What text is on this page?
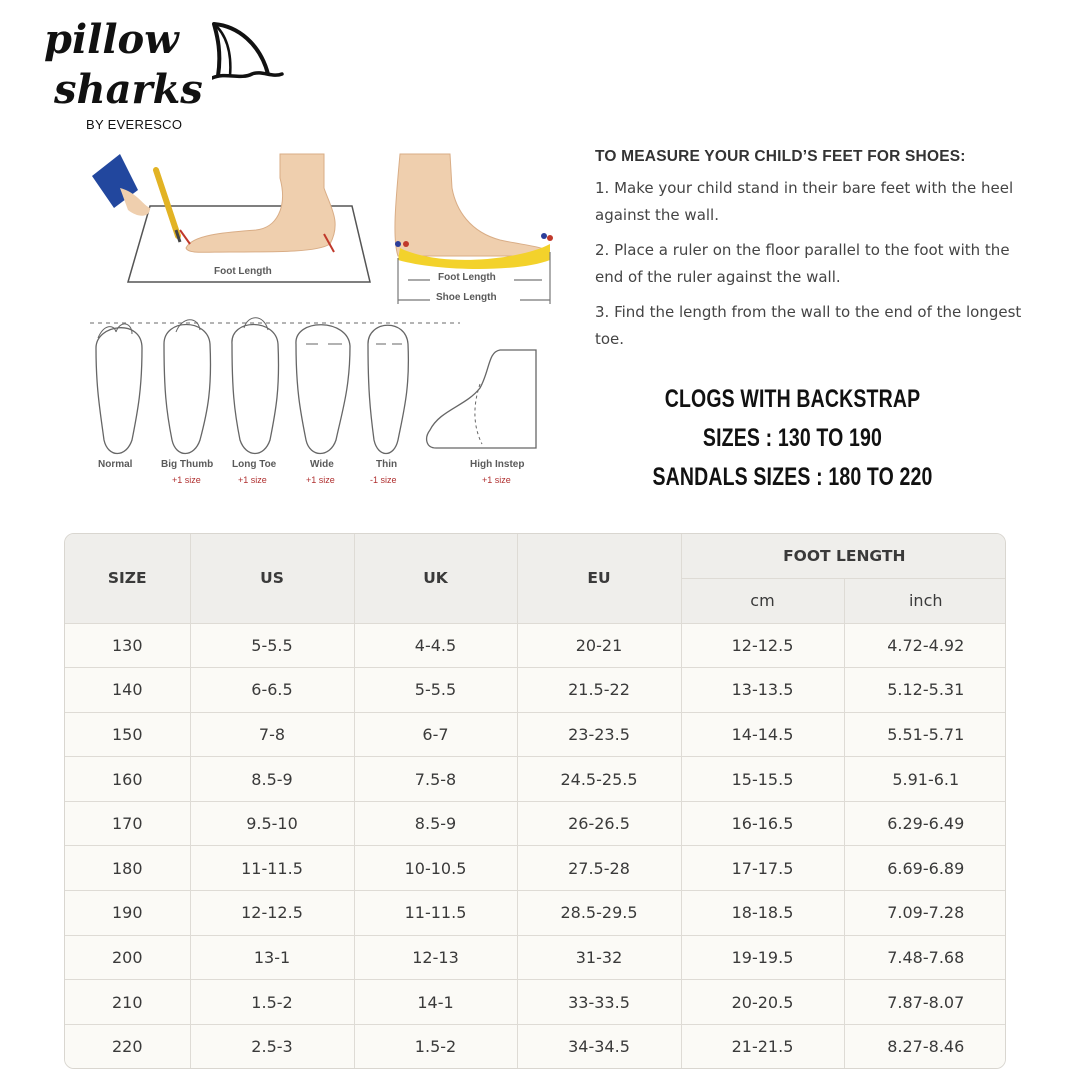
pillow
sharks
BY EVERESCO
Foot Length
Foot Length
Shoe Length
Normal	Big Thumb
+1 size
Long Toe
+1 size
Wide
+1 size
Thin
-1 size
High Instep
+1 size
TO MEASURE YOUR CHILD’S FEET FOR SHOES:
1. Make your child stand in their bare feet with the heel against the wall.
2. Place a ruler on the floor parallel to the foot with the end of the ruler against the wall.
3. Find the length from the wall to the end of the longest toe.
CLOGS WITH BACKSTRAP
SIZES : 130 TO 190
SANDALS SIZES : 180 TO 220
SIZE	US	UK	EU	FOOT LENGTH	
				cm	inch
130	5-5.5	4-4.5	20-21	12-12.5	4.72-4.92
140	6-6.5	5-5.5	21.5-22	13-13.5	5.12-5.31
150	7-8	6-7	23-23.5	14-14.5	5.51-5.71
160	8.5-9	7.5-8	24.5-25.5	15-15.5	5.91-6.1
170	9.5-10	8.5-9	26-26.5	16-16.5	6.29-6.49
180	11-11.5	10-10.5	27.5-28	17-17.5	6.69-6.89
190	12-12.5	11-11.5	28.5-29.5	18-18.5	7.09-7.28
200	13-1	12-13	31-32	19-19.5	7.48-7.68
210	1.5-2	14-1	33-33.5	20-20.5	7.87-8.07
220	2.5-3	1.5-2	34-34.5	21-21.5	8.27-8.46
